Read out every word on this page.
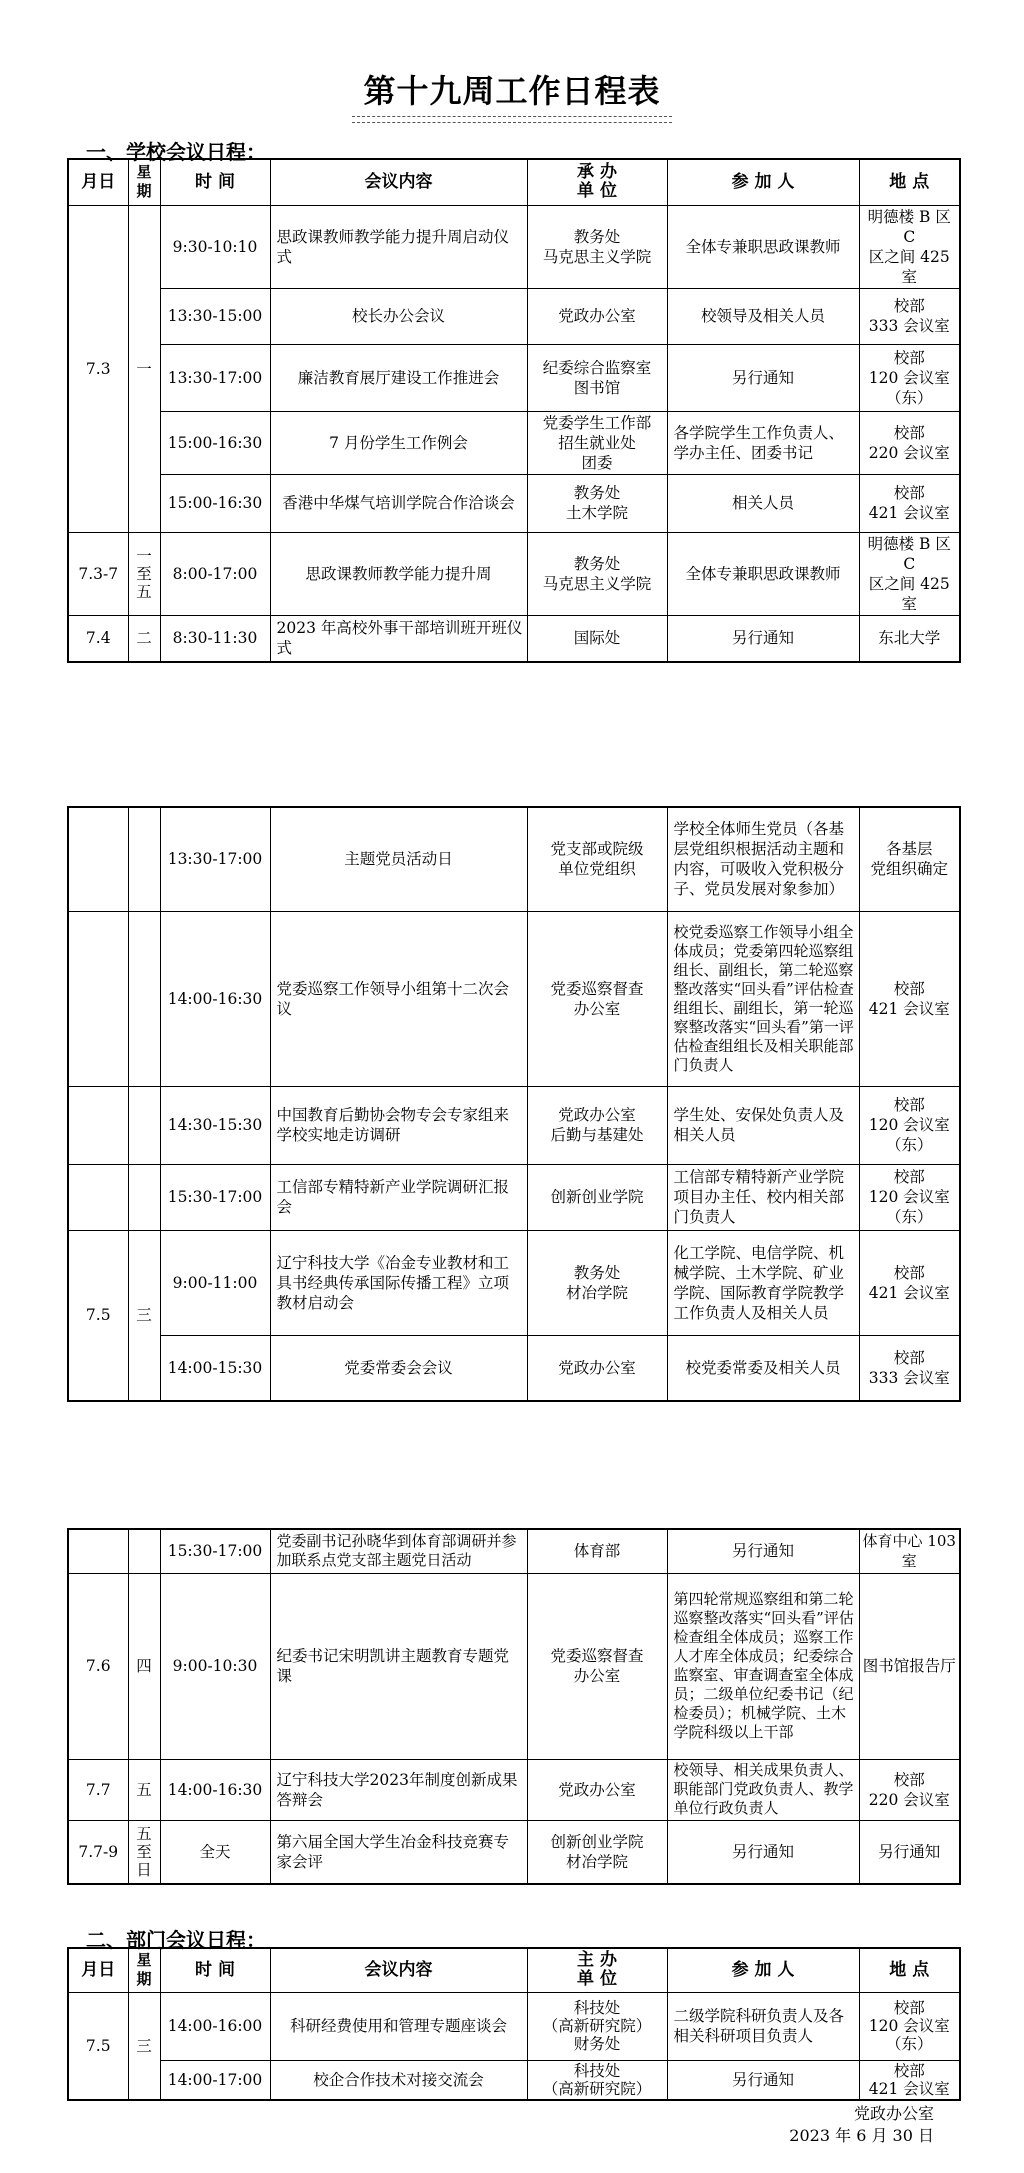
第十九周工作日程表
一、学校会议日程：
月日	星期	时 间	会议内容	承 办
单 位	参 加 人	地 点
7.3	一	9:30-10:10	思政课教师教学能力提升周启动仪式	教务处
马克思主义学院	全体专兼职思政课教师	明德楼 B 区 C
区之间 425 室
		13:30-15:00	校长办公会议	党政办公室	校领导及相关人员	校部
333 会议室
		13:30-17:00	廉洁教育展厅建设工作推进会	纪委综合监察室
图书馆	另行通知	校部
120 会议室
（东）
		15:00-16:30	7 月份学生工作例会	党委学生工作部
招生就业处
团委	各学院学生工作负责人、学办主任、团委书记	校部
220 会议室
		15:00-16:30	香港中华煤气培训学院合作洽谈会	教务处
土木学院	相关人员	校部
421 会议室
7.3-7	一
至
五	8:00-17:00	思政课教师教学能力提升周	教务处
马克思主义学院	全体专兼职思政课教师	明德楼 B 区 C
区之间 425 室
7.4	二	8:30-11:30	2023 年高校外事干部培训班开班仪式	国际处	另行通知	东北大学
		13:30-17:00	主题党员活动日	党支部或院级
单位党组织	学校全体师生党员（各基层党组织根据活动主题和内容，可吸收入党积极分子、党员发展对象参加）	各基层
党组织确定
		14:00-16:30	党委巡察工作领导小组第十二次会议	党委巡察督查
办公室	校党委巡察工作领导小组全体成员；党委第四轮巡察组组长、副组长，第二轮巡察整改落实“回头看”评估检查组组长、副组长，第一轮巡察整改落实“回头看”第一评估检查组组长及相关职能部门负责人	校部
421 会议室
		14:30-15:30	中国教育后勤协会物专会专家组来学校实地走访调研	党政办公室
后勤与基建处	学生处、安保处负责人及相关人员	校部
120 会议室
（东）
		15:30-17:00	工信部专精特新产业学院调研汇报会	创新创业学院	工信部专精特新产业学院项目办主任、校内相关部门负责人	校部
120 会议室
（东）
7.5	三	9:00-11:00	辽宁科技大学《冶金专业教材和工具书经典传承国际传播工程》立项教材启动会	教务处
材冶学院	化工学院、电信学院、机械学院、土木学院、矿业学院、国际教育学院教学工作负责人及相关人员	校部
421 会议室
		14:00-15:30	党委常委会会议	党政办公室	校党委常委及相关人员	校部
333 会议室
		15:30-17:00	党委副书记孙晓华到体育部调研并参加联系点党支部主题党日活动	体育部	另行通知	体育中心 103 室
7.6	四	9:00-10:30	纪委书记宋明凯讲主题教育专题党课	党委巡察督查
办公室	第四轮常规巡察组和第二轮巡察整改落实“回头看”评估检查组全体成员；巡察工作人才库全体成员；纪委综合监察室、审查调查室全体成员；二级单位纪委书记（纪检委员）；机械学院、土木学院科级以上干部	图书馆报告厅
7.7	五	14:00-16:30	辽宁科技大学2023年制度创新成果答辩会	党政办公室	校领导、相关成果负责人、职能部门党政负责人、教学单位行政负责人	校部
220 会议室
7.7-9	五
至
日	全天	第六届全国大学生冶金科技竞赛专家会评	创新创业学院
材冶学院	另行通知	另行通知
二、部门会议日程：
月日	星期	时 间	会议内容	主 办
单 位	参 加 人	地 点
7.5	三	14:00-16:00	科研经费使用和管理专题座谈会	科技处
（高新研究院）
财务处	二级学院科研负责人及各相关科研项目负责人	校部
120 会议室
（东）
		14:00-17:00	校企合作技术对接交流会	科技处
（高新研究院）	另行通知	校部
421 会议室
党政办公室
2023 年 6 月 30 日
